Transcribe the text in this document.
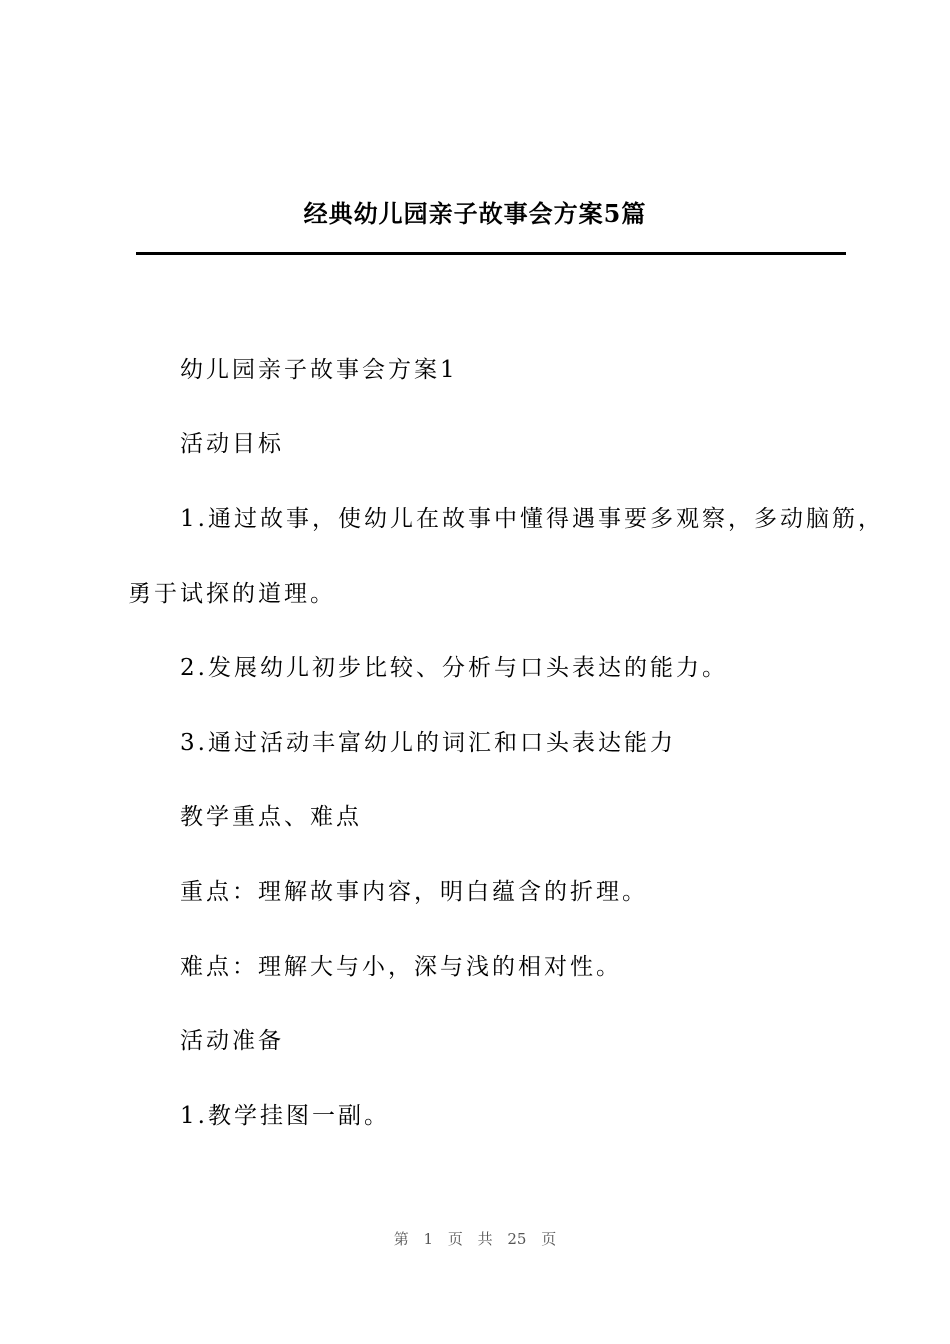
经典幼儿园亲子故事会方案5篇

幼儿园亲子故事会方案1

活动目标

1.通过故事，使幼儿在故事中懂得遇事要多观察，多动脑筋，

勇于试探的道理。

2.发展幼儿初步比较、分析与口头表达的能力。

3.通过活动丰富幼儿的词汇和口头表达能力

教学重点、难点

重点：理解故事内容，明白蕴含的折理。

难点：理解大与小，深与浅的相对性。

活动准备

1.教学挂图一副。

第 1 页 共 25 页
